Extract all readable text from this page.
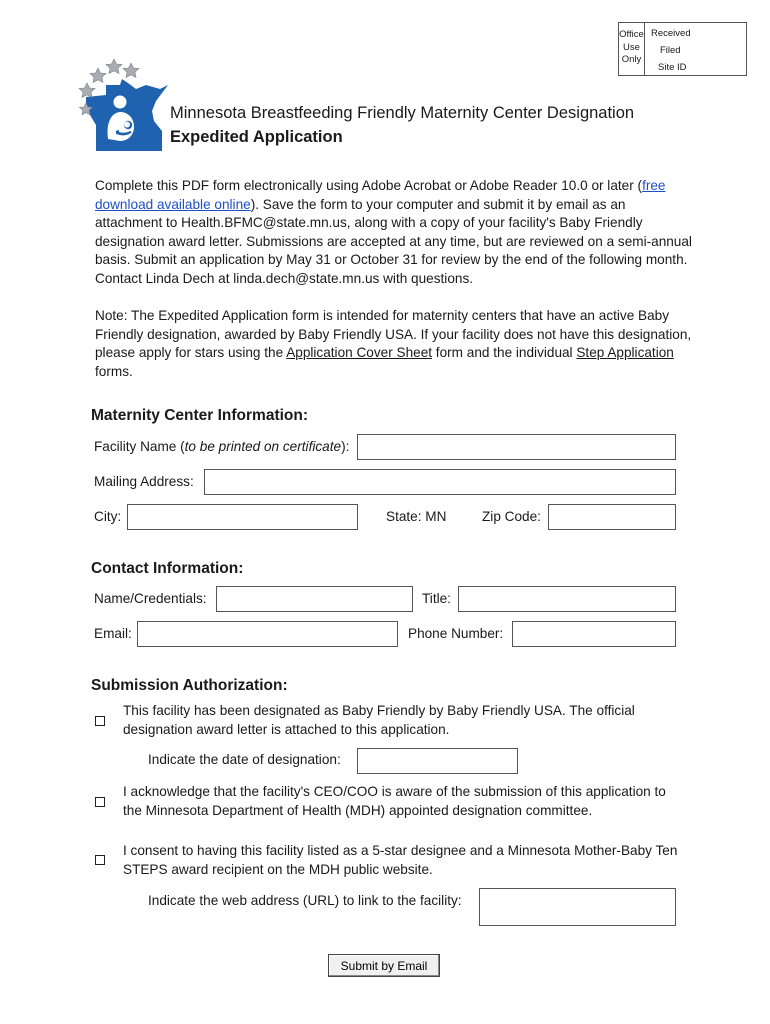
Office
Use
Only
Received
Filed
Site ID
Minnesota Breastfeeding Friendly Maternity Center Designation
Expedited Application

Complete this PDF form electronically using Adobe Acrobat or Adobe Reader 10.0 or later (free download available online). Save the form to your computer and submit it by email as an attachment to Health.BFMC@state.mn.us, along with a copy of your facility's Baby Friendly designation award letter. Submissions are accepted at any time, but are reviewed on a semi-annual basis. Submit an application by May 31 or October 31 for review by the end of the following month. Contact Linda Dech at linda.dech@state.mn.us with questions.

Note: The Expedited Application form is intended for maternity centers that have an active Baby Friendly designation, awarded by Baby Friendly USA. If your facility does not have this designation, please apply for stars using the Application Cover Sheet form and the individual Step Application forms.

Maternity Center Information:
Facility Name (to be printed on certificate):
Mailing Address:
City:	State: MN	Zip Code:
Contact Information:
Name/Credentials:	Title:
Email:	Phone Number:
Submission Authorization:
This facility has been designated as Baby Friendly by Baby Friendly USA. The official designation award letter is attached to this application.
Indicate the date of designation:
I acknowledge that the facility's CEO/COO is aware of the submission of this application to the Minnesota Department of Health (MDH) appointed designation committee.
I consent to having this facility listed as a 5-star designee and a Minnesota Mother-Baby Ten STEPS award recipient on the MDH public website.
Indicate the web address (URL) to link to the facility:
Submit by Email
